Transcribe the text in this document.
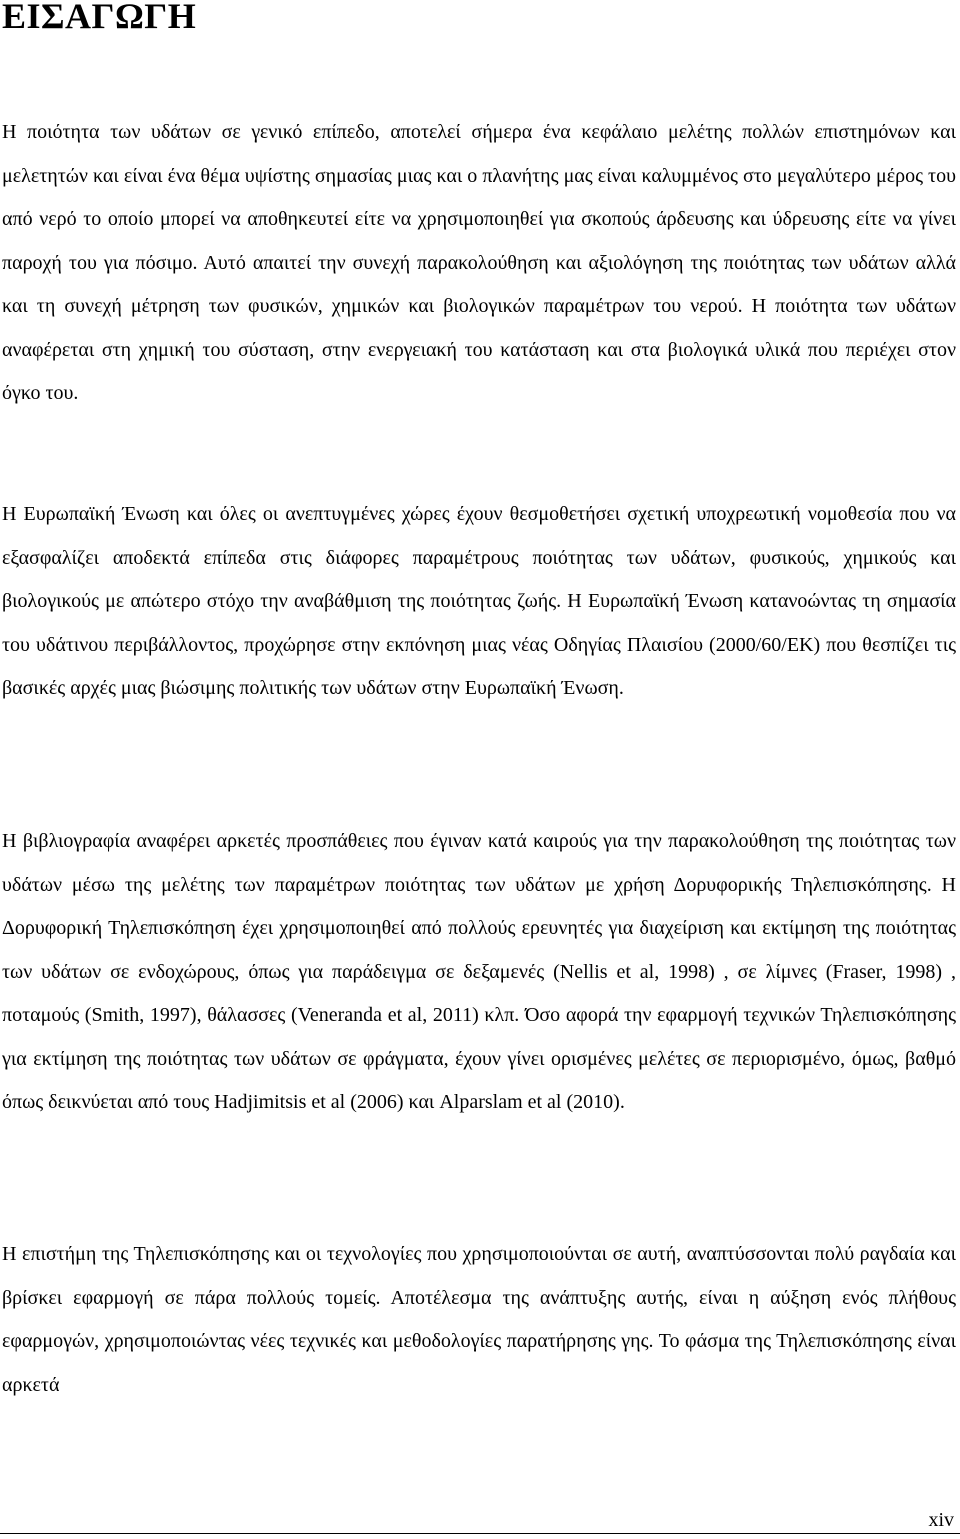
ΕΙΣΑΓΩΓΗ

Η ποιότητα των υδάτων σε γενικό επίπεδο, αποτελεί σήμερα ένα κεφάλαιο μελέτης πολλών επιστημόνων και μελετητών και είναι ένα θέμα υψίστης σημασίας μιας και ο πλανήτης μας είναι καλυμμένος στο μεγαλύτερο μέρος του από νερό το οποίο μπορεί να αποθηκευτεί είτε να χρησιμοποιηθεί για σκοπούς άρδευσης και ύδρευσης είτε να γίνει παροχή του για πόσιμο. Αυτό απαιτεί την συνεχή παρακολούθηση και αξιολόγηση της ποιότητας των υδάτων αλλά και τη συνεχή μέτρηση των φυσικών, χημικών και βιολογικών παραμέτρων του νερού. Η ποιότητα των υδάτων αναφέρεται στη χημική του σύσταση, στην ενεργειακή του κατάσταση και στα βιολογικά υλικά που περιέχει στον όγκο του.

Η Ευρωπαϊκή Ένωση και όλες οι ανεπτυγμένες χώρες έχουν θεσμοθετήσει σχετική υποχρεωτική νομοθεσία που να εξασφαλίζει αποδεκτά επίπεδα στις διάφορες παραμέτρους ποιότητας των υδάτων, φυσικούς, χημικούς και βιολογικούς με απώτερο στόχο την αναβάθμιση της ποιότητας ζωής. Η Ευρωπαϊκή Ένωση κατανοώντας τη σημασία του υδάτινου περιβάλλοντος, προχώρησε στην εκπόνηση μιας νέας Οδηγίας Πλαισίου (2000/60/ΕΚ) που θεσπίζει τις βασικές αρχές μιας βιώσιμης πολιτικής των υδάτων στην Ευρωπαϊκή Ένωση.

Η βιβλιογραφία αναφέρει αρκετές προσπάθειες που έγιναν κατά καιρούς για την παρακολούθηση της ποιότητας των υδάτων μέσω της μελέτης των παραμέτρων ποιότητας των υδάτων με χρήση Δορυφορικής Τηλεπισκόπησης. Η Δορυφορική Τηλεπισκόπηση έχει χρησιμοποιηθεί από πολλούς ερευνητές για διαχείριση και εκτίμηση της ποιότητας των υδάτων σε ενδοχώρους, όπως για παράδειγμα σε δεξαμενές (Nellis et al, 1998) , σε λίμνες (Fraser, 1998) , ποταμούς (Smith, 1997), θάλασσες (Veneranda et al, 2011) κλπ. Όσο αφορά την εφαρμογή τεχνικών Τηλεπισκόπησης για εκτίμηση της ποιότητας των υδάτων σε φράγματα, έχουν γίνει ορισμένες μελέτες σε περιορισμένο, όμως, βαθμό όπως δεικνύεται από τους Hadjimitsis et al (2006) και Alparslam et al (2010).

Η επιστήμη της Τηλεπισκόπησης και οι τεχνολογίες που χρησιμοποιούνται σε αυτή, αναπτύσσονται πολύ ραγδαία και βρίσκει εφαρμογή σε πάρα πολλούς τομείς. Αποτέλεσμα της ανάπτυξης αυτής, είναι η αύξηση ενός πλήθους εφαρμογών, χρησιμοποιώντας νέες τεχνικές και μεθοδολογίες παρατήρησης γης. Το φάσμα της Τηλεπισκόπησης είναι αρκετά

xiv
